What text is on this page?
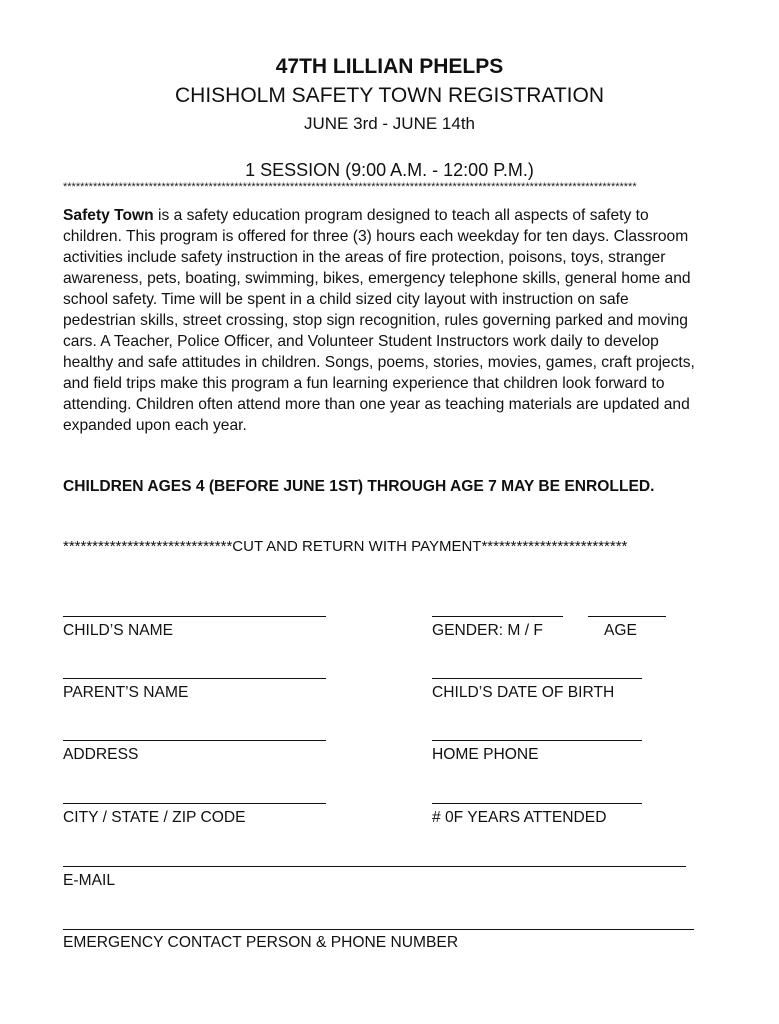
47TH LILLIAN PHELPS
CHISHOLM SAFETY TOWN REGISTRATION
JUNE 3rd - JUNE 14th
1 SESSION (9:00 A.M. - 12:00 P.M.)
**************************************************************************************************************************************
Safety Town is a safety education program designed to teach all aspects of safety to children. This program is offered for three (3) hours each weekday for ten days. Classroom activities include safety instruction in the areas of fire protection, poisons, toys, stranger awareness, pets, boating, swimming, bikes, emergency telephone skills, general home and school safety. Time will be spent in a child sized city layout with instruction on safe pedestrian skills, street crossing, stop sign recognition, rules governing parked and moving cars. A Teacher, Police Officer, and Volunteer Student Instructors work daily to develop healthy and safe attitudes in children. Songs, poems, stories, movies, games, craft projects, and field trips make this program a fun learning experience that children look forward to attending. Children often attend more than one year as teaching materials are updated and expanded upon each year.
CHILDREN AGES 4 (BEFORE JUNE 1ST) THROUGH AGE 7 MAY BE ENROLLED.
*****************************CUT AND RETURN WITH PAYMENT*************************
CHILD’S NAME	GENDER: M / F	AGE
PARENT’S NAME	CHILD’S DATE OF BIRTH
ADDRESS	HOME PHONE
CITY / STATE / ZIP CODE	# 0F YEARS ATTENDED
E-MAIL
EMERGENCY CONTACT PERSON & PHONE NUMBER
